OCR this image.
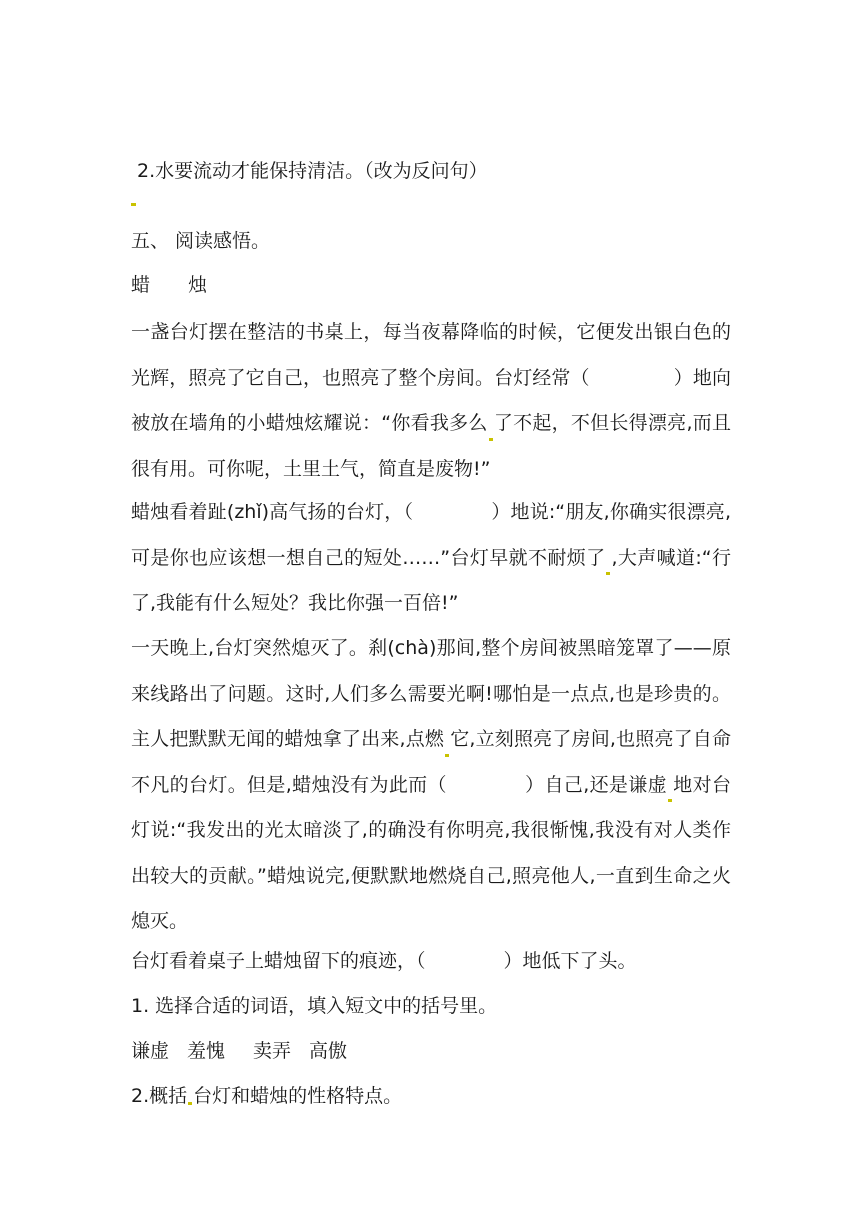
2.水要流动才能保持清洁。（改为反问句）
五、 阅读感悟。
蜡　　烛
一盏台灯摆在整洁的书桌上，每当夜幕降临的时候，它便发出银白色的光辉，照亮了它自己，也照亮了整个房间。台灯经常（	）地向被放在墙角的小蜡烛炫耀说：“你看我多么 了不起，不但长得漂亮,而且很有用。可你呢，土里土气，简直是废物!”
蜡烛看着趾(zhǐ)高气扬的台灯，（	）地说:“朋友,你确实很漂亮,可是你也应该想一想自己的短处……”台灯早就不耐烦了 ,大声喊道:“行了,我能有什么短处？我比你强一百倍!”
一天晚上,台灯突然熄灭了。刹(chà)那间,整个房间被黑暗笼罩了——原来线路出了问题。这时,人们多么需要光啊!哪怕是一点点,也是珍贵的。主人把默默无闻的蜡烛拿了出来,点燃 它,立刻照亮了房间,也照亮了自命不凡的台灯。但是,蜡烛没有为此而（	）自己,还是谦虚 地对台灯说:“我发出的光太暗淡了,的确没有你明亮,我很惭愧,我没有对人类作出较大的贡献。”蜡烛说完,便默默地燃烧自己,照亮他人,一直到生命之火熄灭。
台灯看着桌子上蜡烛留下的痕迹，（	）地低下了头。
1. 选择合适的词语，填入短文中的括号里。
谦虚 羞愧 卖弄 高傲
2.概括 台灯和蜡烛的性格特点。
